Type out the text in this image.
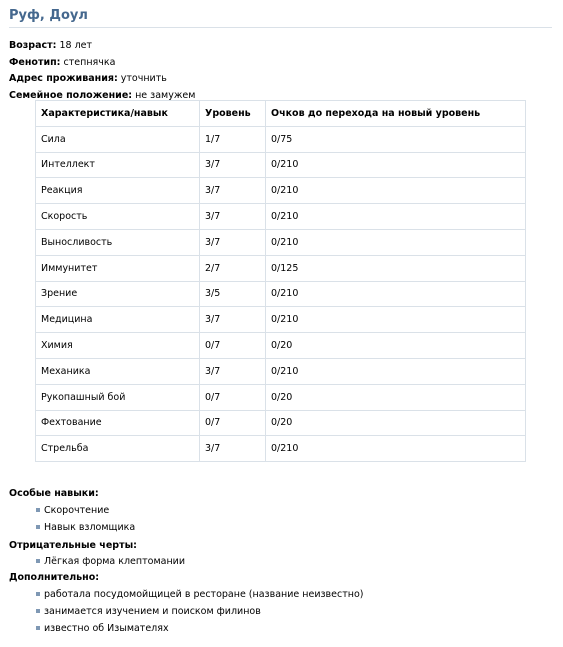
Руф, Доул
Возраст: 18 лет
Фенотип: степнячка
Адрес проживания: уточнить
Семейное положение: не замужем
Характеристика/навык	Уровень	Очков до перехода на новый уровень
Сила	1/7	0/75
Интеллект	3/7	0/210
Реакция	3/7	0/210
Скорость	3/7	0/210
Выносливость	3/7	0/210
Иммунитет	2/7	0/125
Зрение	3/5	0/210
Медицина	3/7	0/210
Химия	0/7	0/20
Механика	3/7	0/210
Рукопашный бой	0/7	0/20
Фехтование	0/7	0/20
Стрельба	3/7	0/210
Особые навыки:
Скорочтение
Навык взломщика
Отрицательные черты:
Лёгкая форма клептомании
Дополнительно:
работала посудомойщицей в ресторане (название неизвестно)
занимается изучением и поиском филинов
известно об Изымателях
